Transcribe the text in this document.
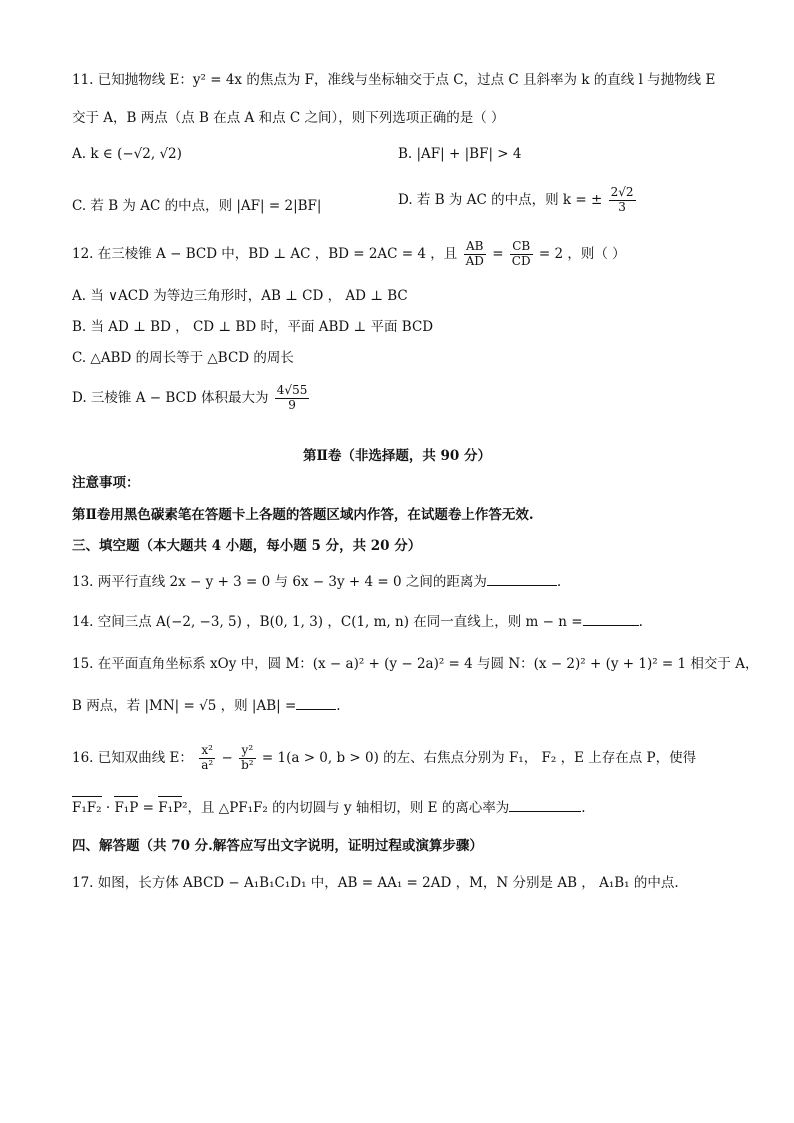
11. 已知抛物线 E：y² = 4x 的焦点为 F，准线与坐标轴交于点 C，过点 C 且斜率为 k 的直线 l 与抛物线 E
交于 A，B 两点（点 B 在点 A 和点 C 之间），则下列选项正确的是（ ）
A. k ∈ (−√2, √2)	B. |AF| + |BF| > 4
C. 若 B 为 AC 的中点，则 |AF| = 2|BF|	D. 若 B 为 AC 的中点，则 k = ± $\frac{2√2}{3}$
12. 在三棱锥 A − BCD 中，BD ⊥ AC ，BD = 2AC = 4 ，且 $\frac{AB}{AD} = \frac{CB}{CD} = 2$ ，则（ ）
A. 当 ∨ACD 为等边三角形时，AB ⊥ CD ， AD ⊥ BC
B. 当 AD ⊥ BD ， CD ⊥ BD 时，平面 ABD ⊥ 平面 BCD
C. △ABD 的周长等于 △BCD 的周长
D. 三棱锥 A − BCD 体积最大为 $\frac{4√55}{9}$
第Ⅱ卷（非选择题，共 90 分）
注意事项：
第Ⅱ卷用黑色碳素笔在答题卡上各题的答题区域内作答，在试题卷上作答无效.
三、填空题（本大题共 4 小题，每小题 5 分，共 20 分）
13. 两平行直线 2x − y + 3 = 0 与 6x − 3y + 4 = 0 之间的距离为	.
14. 空间三点 A(−2, −3, 5) ，B(0, 1, 3) ，C(1, m, n) 在同一直线上，则 m − n =	.
15. 在平面直角坐标系 xOy 中，圆 M：(x − a)² + (y − 2a)² = 4 与圆 N：(x − 2)² + (y + 1)² = 1 相交于 A，
B 两点，若 |MN| = √5 ，则 |AB| =	.
16. 已知双曲线 E： $\frac{\text{x²}}{\text{a²}} - \frac{\text{y²}}{\text{b²}} = 1(a > 0$, b > 0) 的左、右焦点分别为 F₁， F₂ ，E 上存在点 P，使得
F₁F₂ · F₁P = F₁P²，且 △PF₁F₂ 的内切圆与 y 轴相切，则 E 的离心率为	.
四、解答题（共 70 分.解答应写出文字说明，证明过程或演算步骤）
17. 如图，长方体 ABCD − A₁B₁C₁D₁ 中，AB = AA₁ = 2AD ，M，N 分别是 AB ， A₁B₁ 的中点.
